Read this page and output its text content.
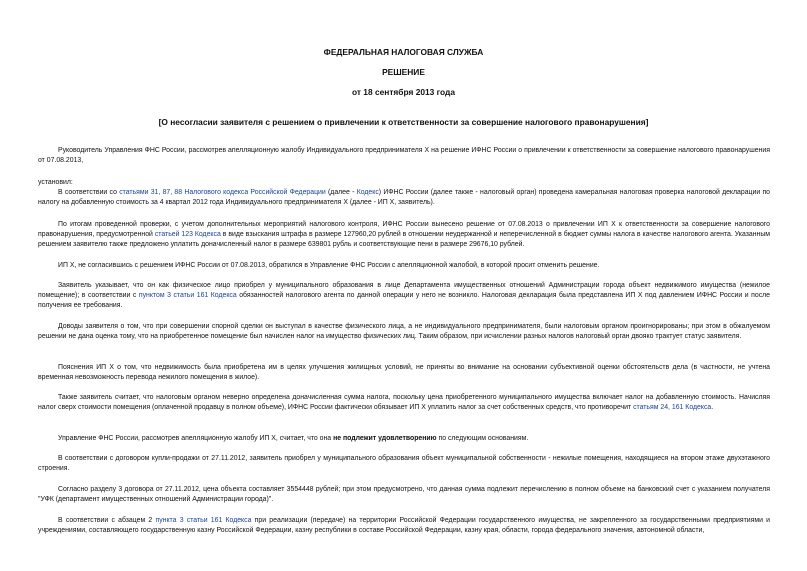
ФЕДЕРАЛЬНАЯ НАЛОГОВАЯ СЛУЖБА
РЕШЕНИЕ
от 18 сентября 2013 года
[О несогласии заявителя с решением о привлечении к ответственности за совершение налогового правонарушения]

Руководитель Управления ФНС России, рассмотрев апелляционную жалобу Индивидуального предпринимателя Х на решение ИФНС России о привлечении к ответственности за совершение налогового правонарушения от 07.08.2013,

установил:

В соответствии со статьями 31, 87, 88 Налогового кодекса Российской Федерации (далее - Кодекс) ИФНС России (далее также - налоговый орган) проведена камеральная налоговая проверка налоговой декларации по налогу на добавленную стоимость за 4 квартал 2012 года Индивидуального предпринимателя Х (далее - ИП Х, заявитель).

По итогам проведенной проверки, с учетом дополнительных мероприятий налогового контроля, ИФНС России вынесено решение от 07.08.2013 о привлечении ИП Х к ответственности за совершение налогового правонарушения, предусмотренной статьей 123 Кодекса в виде взыскания штрафа в размере 127960,20 рублей в отношении неудержанной и неперечисленной в бюджет суммы налога в качестве налогового агента. Указанным решением заявителю также предложено уплатить доначисленный налог в размере 639801 рубль и соответствующие пени в размере 29676,10 рублей.

ИП Х, не согласившись с решением ИФНС России от 07.08.2013, обратился в Управление ФНС России с апелляционной жалобой, в которой просит отменить решение.

Заявитель указывает, что он как физическое лицо приобрел у муниципального образования в лице Департамента имущественных отношений Администрации города объект недвижимого имущества (нежилое помещение); в соответствии с пунктом 3 статьи 161 Кодекса обязанностей налогового агента по данной операции у него не возникло. Налоговая декларация была представлена ИП Х под давлением ИФНС России и после получения ее требования.

Доводы заявителя о том, что при совершении спорной сделки он выступал в качестве физического лица, а не индивидуального предпринимателя, были налоговым органом проигнорированы; при этом в обжалуемом решении не дана оценка тому, что на приобретенное помещение был начислен налог на имущество физических лиц. Таким образом, при исчислении разных налогов налоговый орган двояко трактует статус заявителя.

Пояснения ИП Х о том, что недвижимость была приобретена им в целях улучшения жилищных условий, не приняты во внимание на основании субъективной оценки обстоятельств дела (в частности, не учтена временная невозможность перевода нежилого помещения в жилое).

Также заявитель считает, что налоговым органом неверно определена доначисленная сумма налога, поскольку цена приобретенного муниципального имущества включает налог на добавленную стоимость. Начисляя налог сверх стоимости помещения (оплаченной продавцу в полном объеме), ИФНС России фактически обязывает ИП Х уплатить налог за счет собственных средств, что противоречит статьям 24, 161 Кодекса.

Управление ФНС России, рассмотрев апелляционную жалобу ИП Х, считает, что она не подлежит удовлетворению по следующим основаниям.

В соответствии с договором купли-продажи от 27.11.2012, заявитель приобрел у муниципального образования объект муниципальной собственности - нежилые помещения, находящиеся на втором этаже двухэтажного строения.

Согласно разделу 3 договора от 27.11.2012, цена объекта составляет 3554448 рублей; при этом предусмотрено, что данная сумма подлежит перечислению в полном объеме на банковский счет с указанием получателя "УФК (департамент имущественных отношений Администрации города)".

В соответствии с абзацем 2 пункта 3 статьи 161 Кодекса при реализации (передаче) на территории Российской Федерации государственного имущества, не закрепленного за государственными предприятиями и учреждениями, составляющего государственную казну Российской Федерации, казну республики в составе Российской Федерации, казну края, области, города федерального значения, автономной области,
